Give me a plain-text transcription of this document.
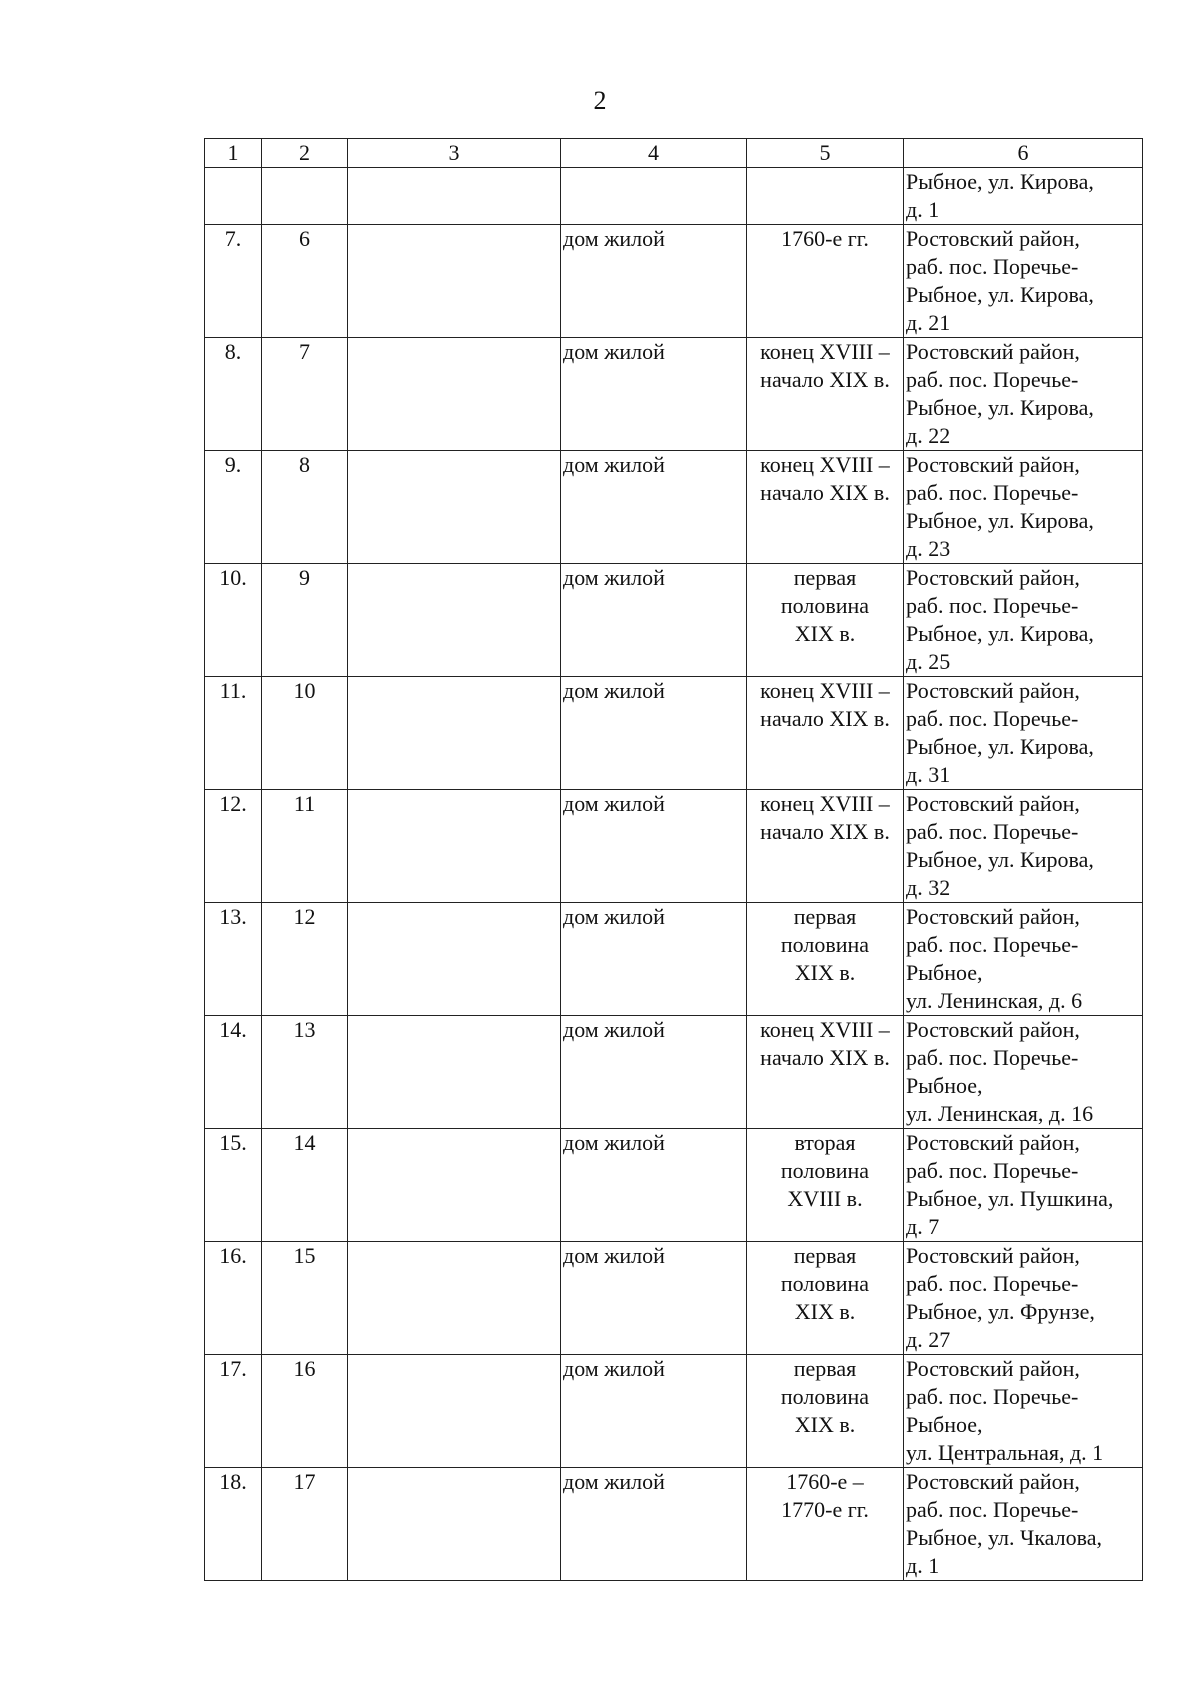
2
1	2	3	4	5	6
					Рыбное, ул. Кирова,
д. 1
7.	6		дом жилой	1760-е гг.	Ростовский район,
раб. пос. Поречье-
Рыбное, ул. Кирова,
д. 21
8.	7		дом жилой	конец XVIII –
начало XIX в.	Ростовский район,
раб. пос. Поречье-
Рыбное, ул. Кирова,
д. 22
9.	8		дом жилой	конец XVIII –
начало XIX в.	Ростовский район,
раб. пос. Поречье-
Рыбное, ул. Кирова,
д. 23
10.	9		дом жилой	первая
половина
XIX в.	Ростовский район,
раб. пос. Поречье-
Рыбное, ул. Кирова,
д. 25
11.	10		дом жилой	конец XVIII –
начало XIX в.	Ростовский район,
раб. пос. Поречье-
Рыбное, ул. Кирова,
д. 31
12.	11		дом жилой	конец XVIII –
начало XIX в.	Ростовский район,
раб. пос. Поречье-
Рыбное, ул. Кирова,
д. 32
13.	12		дом жилой	первая
половина
XIX в.	Ростовский район,
раб. пос. Поречье-
Рыбное,
ул. Ленинская, д. 6
14.	13		дом жилой	конец XVIII –
начало XIX в.	Ростовский район,
раб. пос. Поречье-
Рыбное,
ул. Ленинская, д. 16
15.	14		дом жилой	вторая
половина
XVIII в.	Ростовский район,
раб. пос. Поречье-
Рыбное, ул. Пушкина,
д. 7
16.	15		дом жилой	первая
половина
XIX в.	Ростовский район,
раб. пос. Поречье-
Рыбное, ул. Фрунзе,
д. 27
17.	16		дом жилой	первая
половина
XIX в.	Ростовский район,
раб. пос. Поречье-
Рыбное,
ул. Центральная, д. 1
18.	17		дом жилой	1760-е –
1770-е гг.	Ростовский район,
раб. пос. Поречье-
Рыбное, ул. Чкалова,
д. 1
